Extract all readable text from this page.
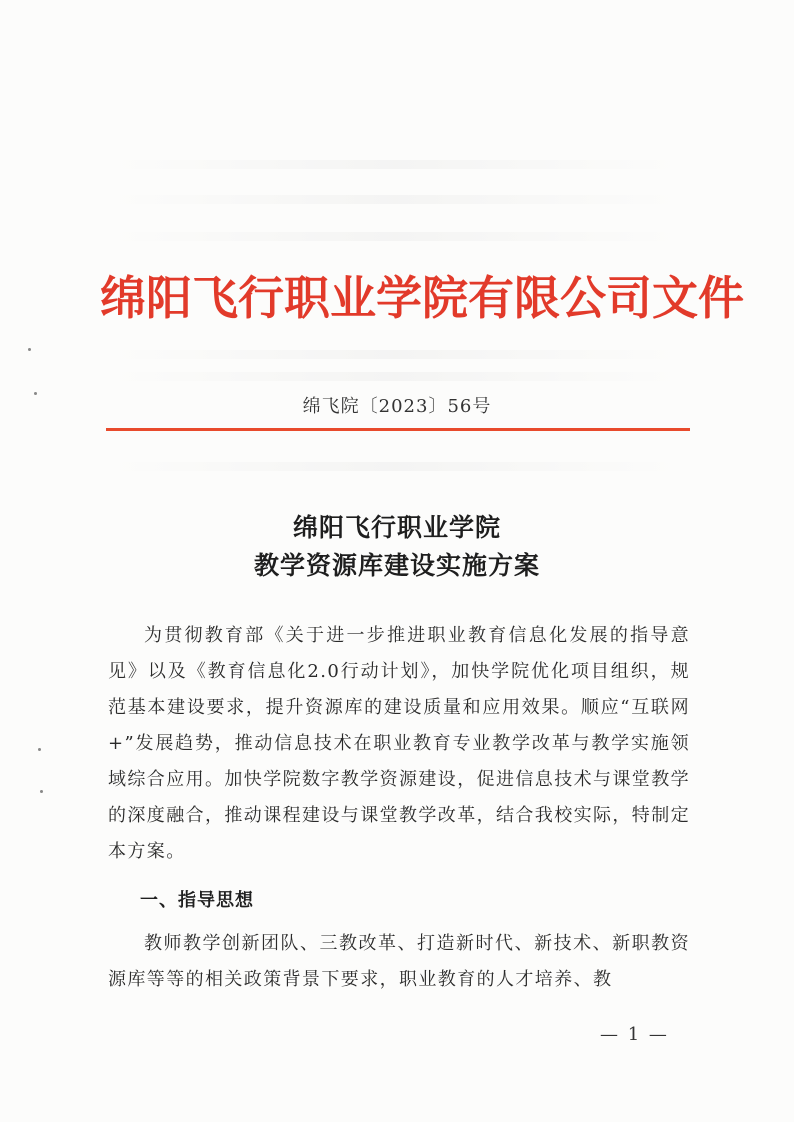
绵阳飞行职业学院有限公司文件
绵飞院〔2023〕56号
绵阳飞行职业学院
教学资源库建设实施方案
为贯彻教育部《关于进一步推进职业教育信息化发展的指导意见》以及《教育信息化2.0行动计划》，加快学院优化项目组织，规范基本建设要求，提升资源库的建设质量和应用效果。顺应“互联网+”发展趋势，推动信息技术在职业教育专业教学改革与教学实施领域综合应用。加快学院数字教学资源建设，促进信息技术与课堂教学的深度融合，推动课程建设与课堂教学改革，结合我校实际，特制定本方案。
一、指导思想
教师教学创新团队、三教改革、打造新时代、新技术、新职教资源库等等的相关政策背景下要求，职业教育的人才培养、教
— 1 —
